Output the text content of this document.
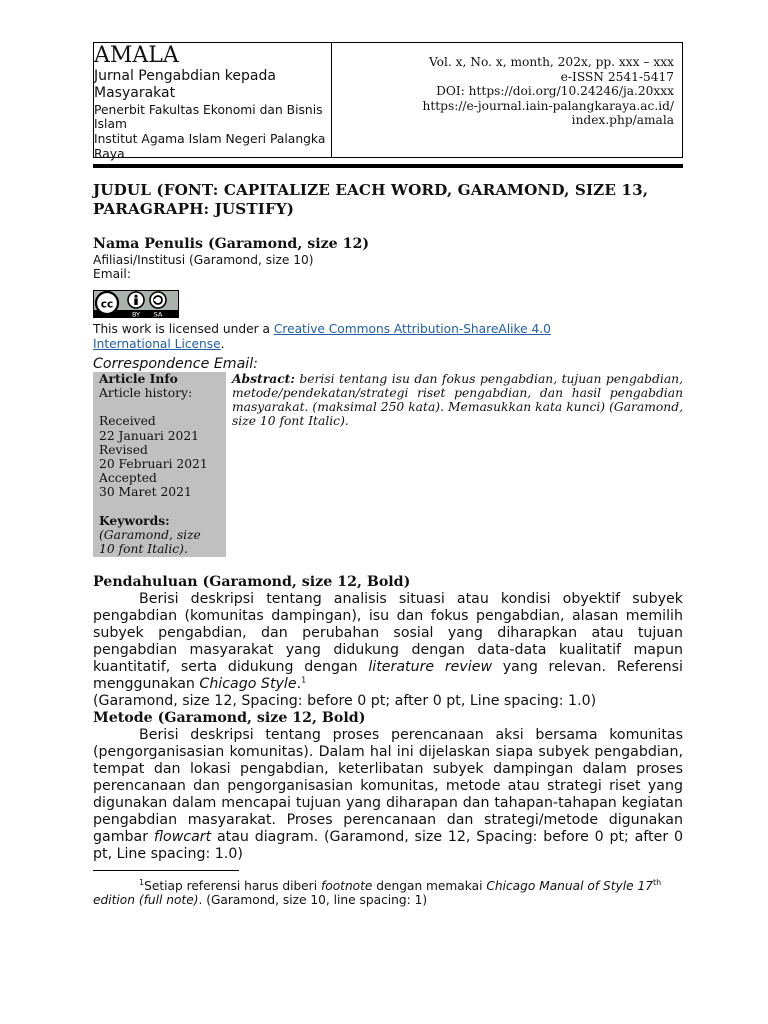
AMALA
Jurnal Pengabdian kepada Masyarakat
Penerbit Fakultas Ekonomi dan Bisnis Islam
Institut Agama Islam Negeri Palangka Raya
Vol. x, No. x, month, 202x, pp. xxx – xxx
e-ISSN 2541-5417
DOI: https://doi.org/10.24246/ja.20xxx
https://e-journal.iain-palangkaraya.ac.id/
index.php/amala
JUDUL (FONT: CAPITALIZE EACH WORD, GARAMOND, SIZE 13, PARAGRAPH: JUSTIFY)
Nama Penulis (Garamond, size 12)
Afiliasi/Institusi (Garamond, size 10)
Email:
cc
BY SA
This work is licensed under a Creative Commons Attribution-ShareAlike 4.0
International License.
Correspondence Email:
Article Info
Article history:
Received
22 Januari 2021
Revised
20 Februari 2021
Accepted
30 Maret 2021
Keywords:
(Garamond, size
10 font Italic).
Abstract: berisi tentang isu dan fokus pengabdian, tujuan pengabdian, metode/pendekatan/strategi riset pengabdian, dan hasil pengabdian masyarakat. (maksimal 250 kata). Memasukkan kata kunci) (Garamond, size 10 font Italic).
Pendahuluan (Garamond, size 12, Bold)

Berisi deskripsi tentang analisis situasi atau kondisi obyektif subyek pengabdian (komunitas dampingan), isu dan fokus pengabdian, alasan memilih subyek pengabdian, dan perubahan sosial yang diharapkan atau tujuan pengabdian masyarakat yang didukung dengan data-data kualitatif mapun kuantitatif, serta didukung dengan literature review yang relevan. Referensi menggunakan Chicago Style.$^1$

(Garamond, size 12, Spacing: before 0 pt; after 0 pt, Line spacing: 1.0)

Metode (Garamond, size 12, Bold)

Berisi deskripsi tentang proses perencanaan aksi bersama komunitas (pengorganisasian komunitas). Dalam hal ini dijelaskan siapa subyek pengabdian, tempat dan lokasi pengabdian, keterlibatan subyek dampingan dalam proses perencanaan dan pengorganisasian komunitas, metode atau strategi riset yang digunakan dalam mencapai tujuan yang diharapan dan tahapan-tahapan kegiatan pengabdian masyarakat. Proses perencanaan dan strategi/metode digunakan gambar flowcart atau diagram. (Garamond, size 12, Spacing: before 0 pt; after 0 pt, Line spacing: 1.0)

$^1$Setiap referensi harus diberi footnote dengan memakai Chicago Manual of Style 17th edition (full note). (Garamond, size 10, line spacing: 1)
